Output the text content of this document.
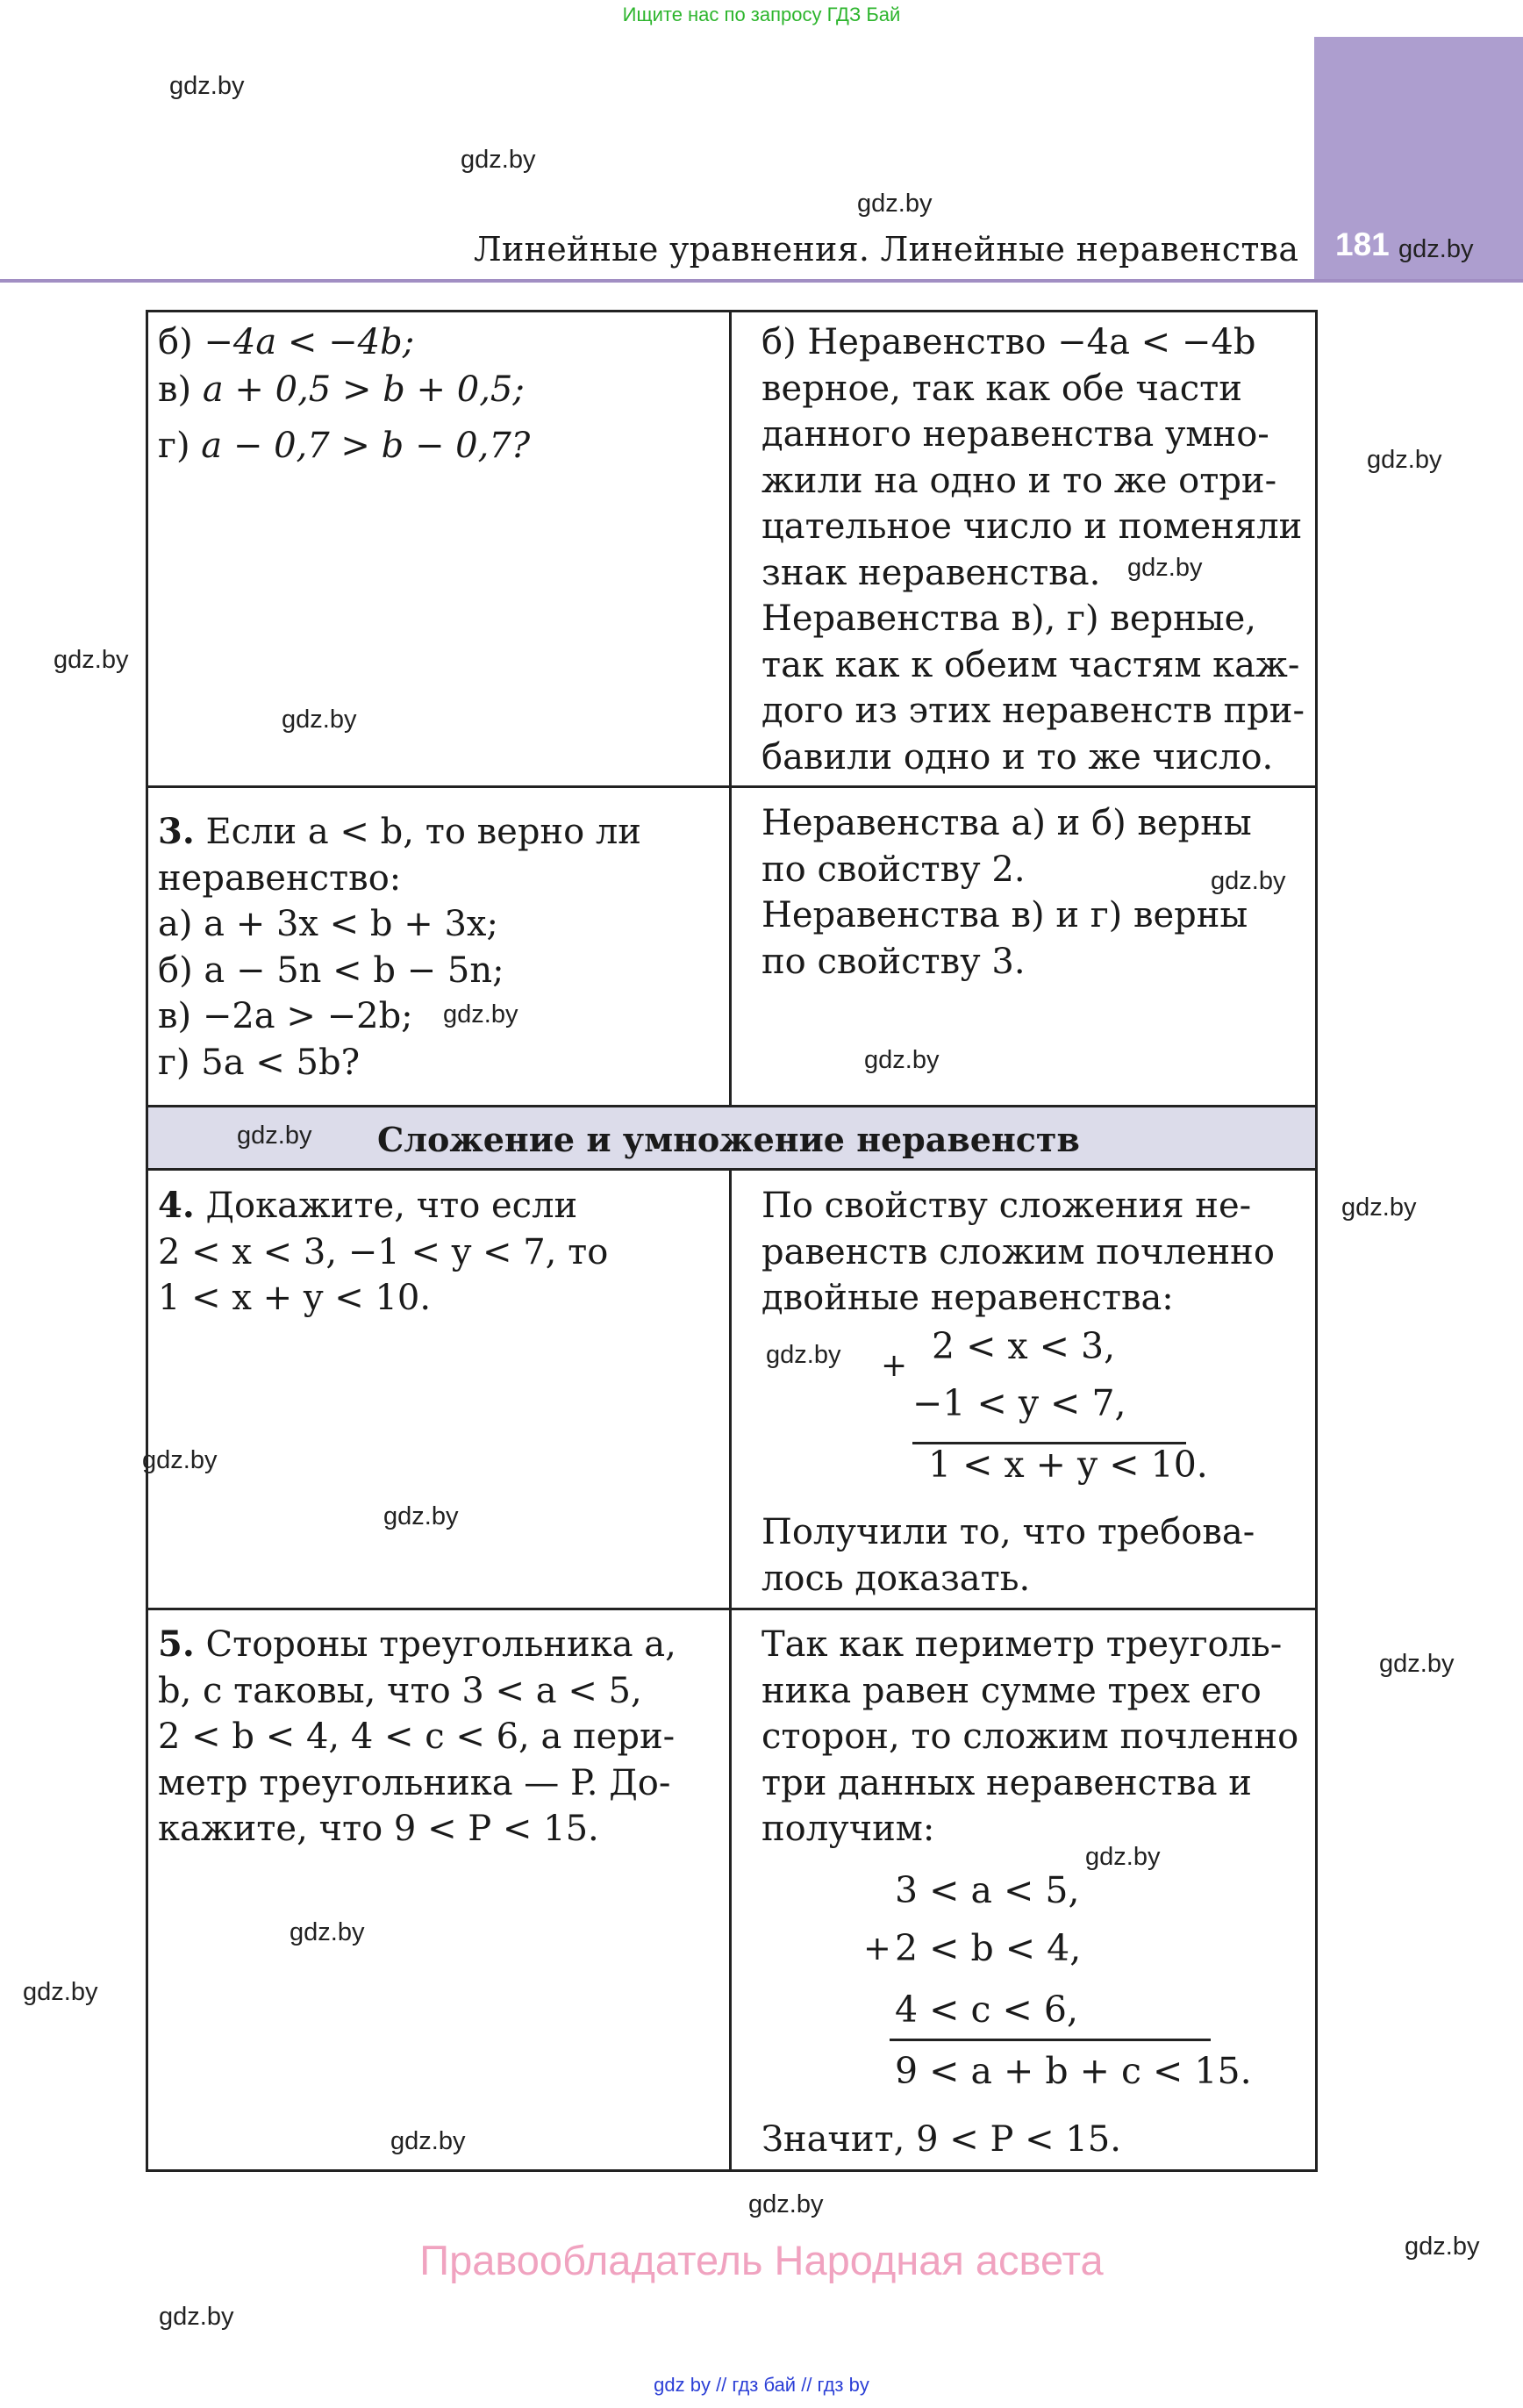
Ищите нас по запросу ГДЗ Бай
181
Линейные уравнения. Линейные неравенства
Сложение и умножение неравенств
б) −4a < −4b;
в) a + 0,5 > b + 0,5;
г) a − 0,7 > b − 0,7?
б) Неравенство −4a < −4b
верное, так как обе части
данного неравенства умно-
жили на одно и то же отри-
цательное число и поменяли
знак неравенства.
Неравенства в), г) верные,
так как к обеим частям каж-
дого из этих неравенств при-
бавили одно и то же число.
3. Если a < b, то верно ли
неравенство:
а) a + 3x < b + 3x;
б) a − 5n < b − 5n;
в) −2a > −2b;
г) 5a < 5b?
Неравенства а) и б) верны
по свойству 2.
Неравенства в) и г) верны
по свойству 3.
4. Докажите, что если
2 < x < 3, −1 < y < 7, то
1 < x + y < 10.
По свойству сложения не-
равенств сложим почленно
двойные неравенства:
+ 2 < x < 3,
−1 < y < 7,
1 < x + y < 10.
Получили то, что требова-
лось доказать.
5. Стороны треугольника a,
b, c таковы, что 3 < a < 5,
2 < b < 4, 4 < c < 6, а пери-
метр треугольника — P. До-
кажите, что 9 < P < 15.
Так как периметр треуголь-
ника равен сумме трех его
сторон, то сложим почленно
три данных неравенства и
получим:
3 < a < 5,
+ 2 < b < 4,
4 < c < 6,
9 < a + b + c < 15.
Значит, 9 < P < 15.
gdz.by
gdz.by
gdz.by
gdz.by
gdz.by
gdz.by
gdz.by
gdz.by
gdz.by
gdz.by
gdz.by
gdz.by
gdz.by
gdz.by
gdz.by
gdz.by
gdz.by
gdz.by
gdz.by
gdz.by
gdz.by
gdz.by
gdz.by
gdz.by
Правообладатель Народная асвета
gdz by // гдз бай // гдз by
